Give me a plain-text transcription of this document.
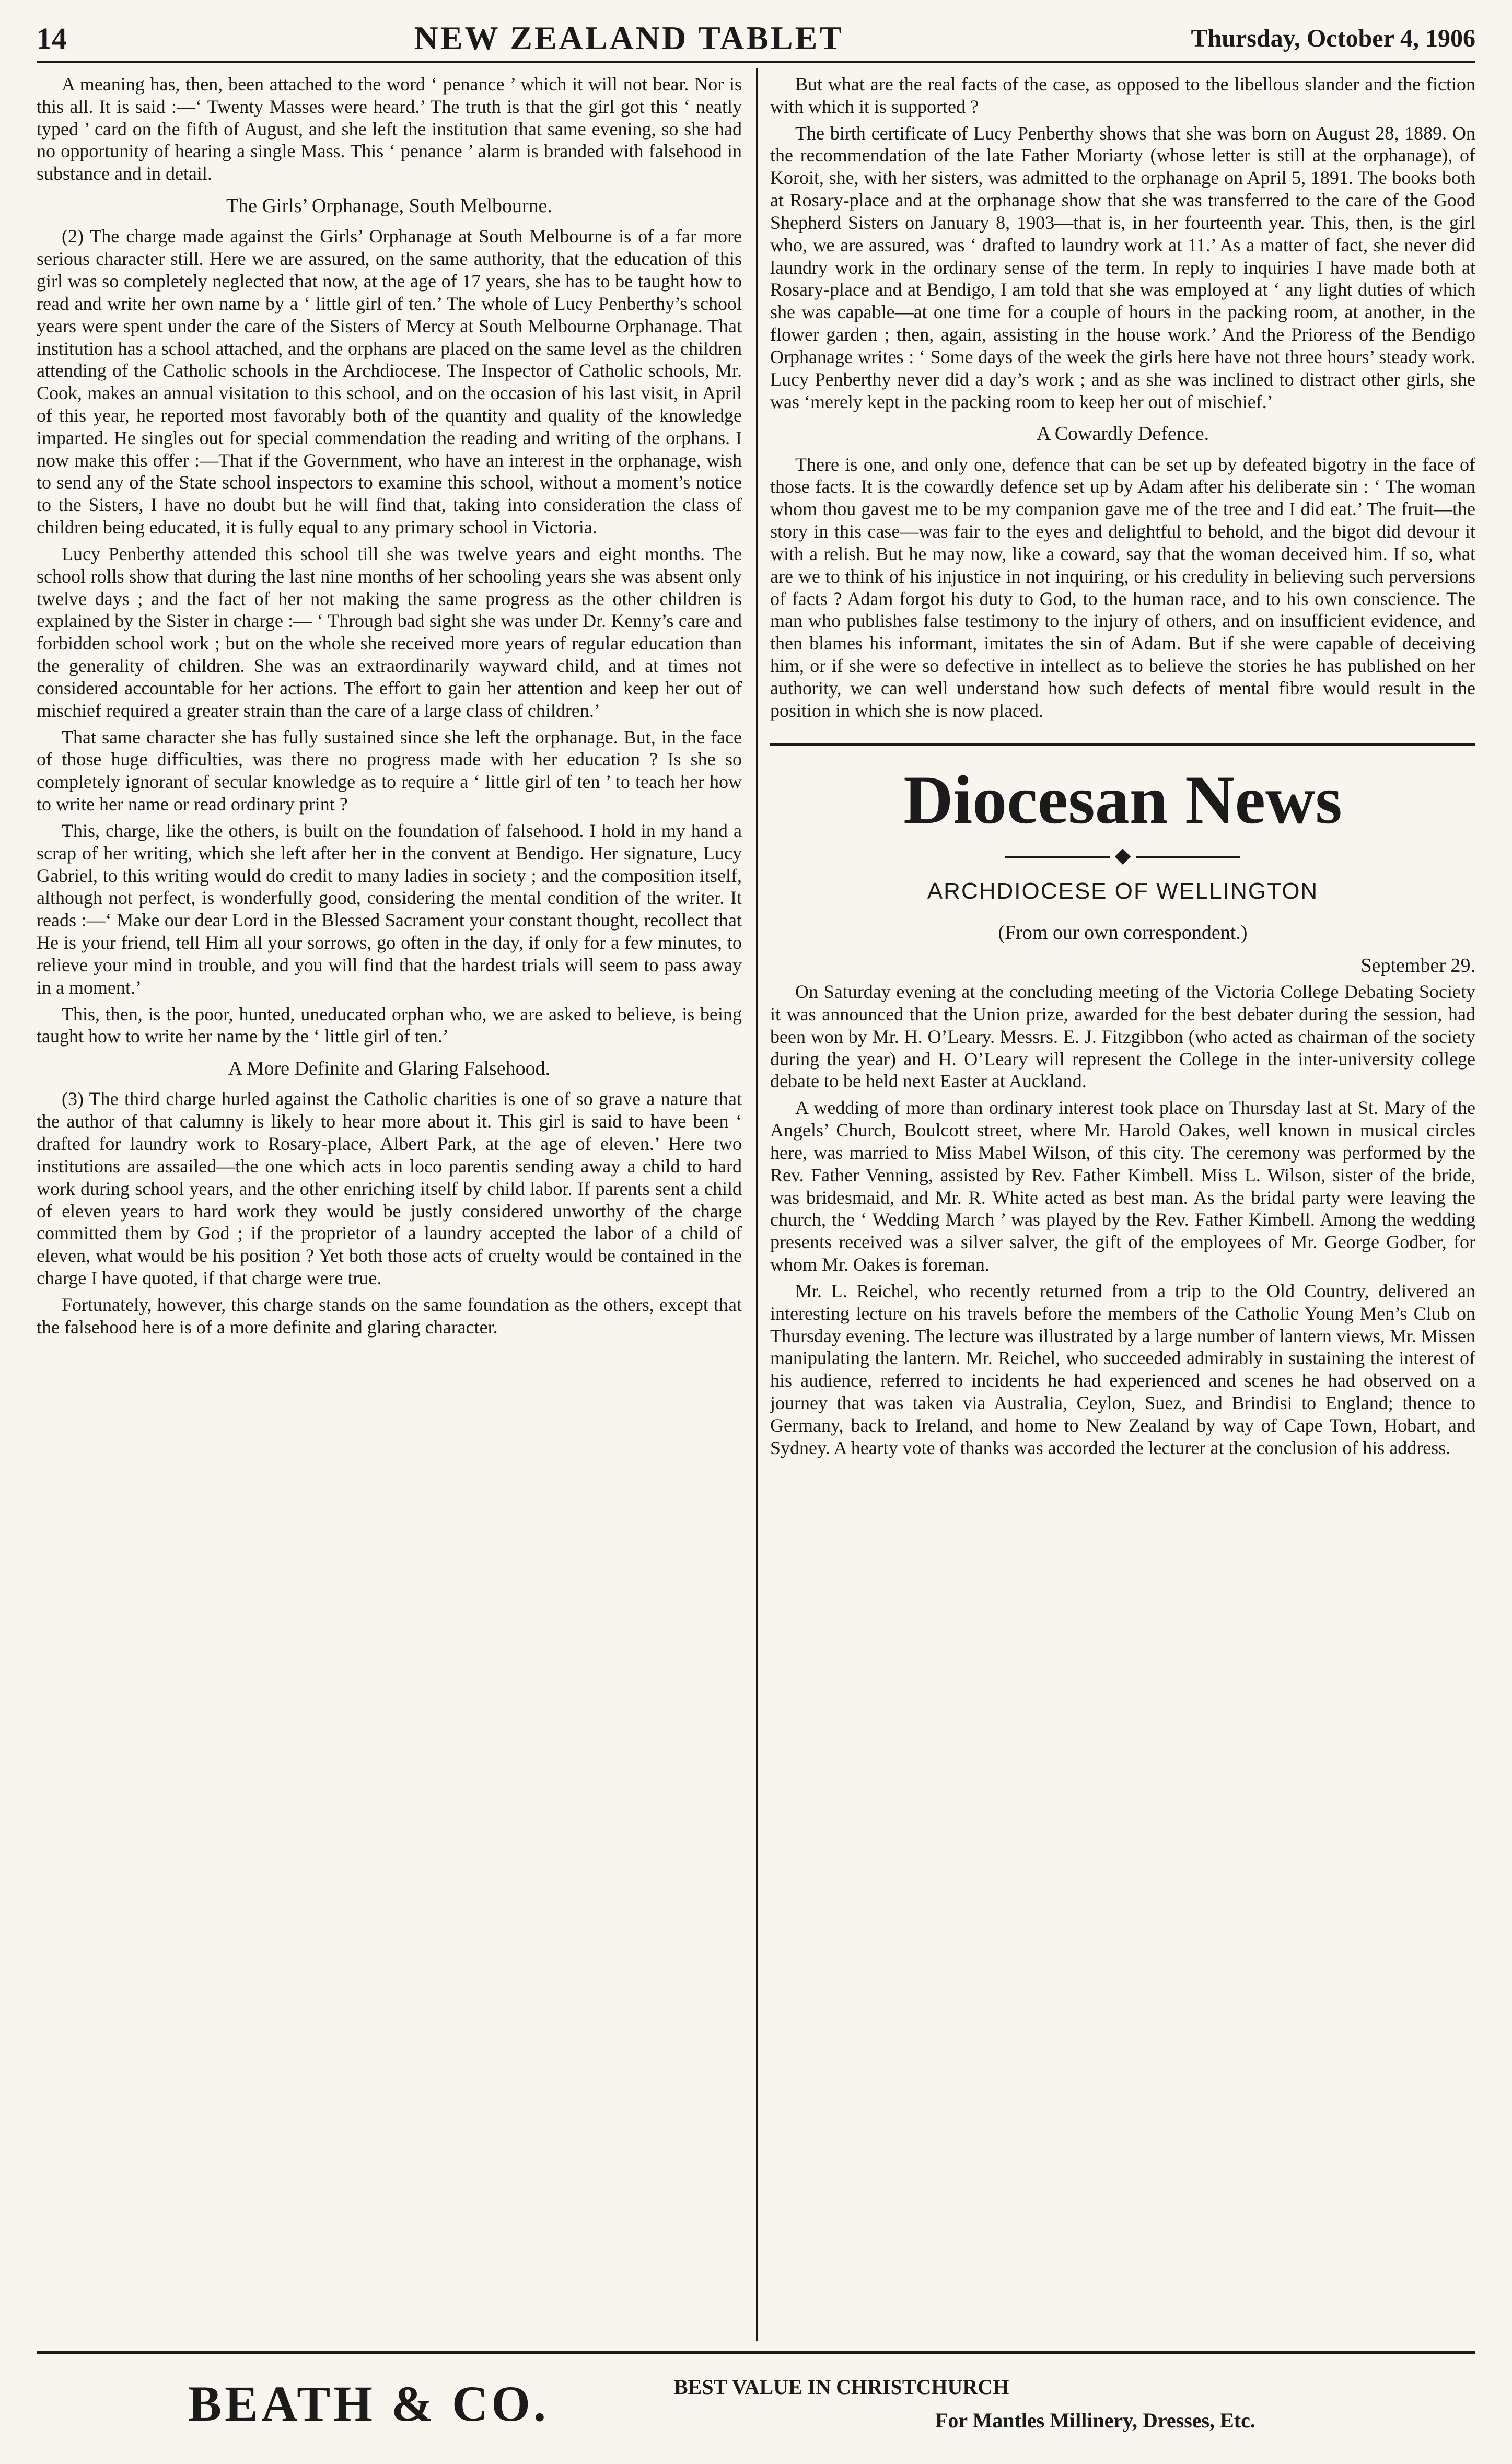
14	NEW ZEALAND TABLET	Thursday, October 4, 1906

A meaning has, then, been attached to the word ‘ penance ’ which it will not bear. Nor is this all. It is said :—‘ Twenty Masses were heard.’ The truth is that the girl got this ‘ neatly typed ’ card on the fifth of August, and she left the institution that same evening, so she had no opportunity of hearing a single Mass. This ‘ penance ’ alarm is branded with falsehood in substance and in detail.

The Girls’ Orphanage, South Melbourne.

(2) The charge made against the Girls’ Orphanage at South Melbourne is of a far more serious character still. Here we are assured, on the same authority, that the education of this girl was so completely neglected that now, at the age of 17 years, she has to be taught how to read and write her own name by a ‘ little girl of ten.’ The whole of Lucy Penberthy’s school years were spent under the care of the Sisters of Mercy at South Melbourne Orphanage. That institution has a school attached, and the orphans are placed on the same level as the children attending of the Catholic schools in the Archdiocese. The Inspector of Catholic schools, Mr. Cook, makes an annual visitation to this school, and on the occasion of his last visit, in April of this year, he reported most favorably both of the quantity and quality of the knowledge imparted. He singles out for special commendation the reading and writing of the orphans. I now make this offer :—That if the Government, who have an interest in the orphanage, wish to send any of the State school inspectors to examine this school, without a moment’s notice to the Sisters, I have no doubt but he will find that, taking into consideration the class of children being educated, it is fully equal to any primary school in Victoria.

Lucy Penberthy attended this school till she was twelve years and eight months. The school rolls show that during the last nine months of her schooling years she was absent only twelve days ; and the fact of her not making the same progress as the other children is explained by the Sister in charge :— ‘ Through bad sight she was under Dr. Kenny’s care and forbidden school work ; but on the whole she received more years of regular education than the generality of children. She was an extraordinarily wayward child, and at times not considered accountable for her actions. The effort to gain her attention and keep her out of mischief required a greater strain than the care of a large class of children.’

That same character she has fully sustained since she left the orphanage. But, in the face of those huge difficulties, was there no progress made with her education ? Is she so completely ignorant of secular knowledge as to require a ‘ little girl of ten ’ to teach her how to write her name or read ordinary print ?

This, charge, like the others, is built on the foundation of falsehood. I hold in my hand a scrap of her writing, which she left after her in the convent at Bendigo. Her signature, Lucy Gabriel, to this writing would do credit to many ladies in society ; and the composition itself, although not perfect, is wonderfully good, considering the mental condition of the writer. It reads :—‘ Make our dear Lord in the Blessed Sacrament your constant thought, recollect that He is your friend, tell Him all your sorrows, go often in the day, if only for a few minutes, to relieve your mind in trouble, and you will find that the hardest trials will seem to pass away in a moment.’

This, then, is the poor, hunted, uneducated orphan who, we are asked to believe, is being taught how to write her name by the ‘ little girl of ten.’

A More Definite and Glaring Falsehood.

(3) The third charge hurled against the Catholic charities is one of so grave a nature that the author of that calumny is likely to hear more about it. This girl is said to have been ‘ drafted for laundry work to Rosary-place, Albert Park, at the age of eleven.’ Here two institutions are assailed—the one which acts in loco parentis sending away a child to hard work during school years, and the other enriching itself by child labor. If parents sent a child of eleven years to hard work they would be justly considered unworthy of the charge committed them by God ; if the proprietor of a laundry accepted the labor of a child of eleven, what would be his position ? Yet both those acts of cruelty would be contained in the charge I have quoted, if that charge were true.

Fortunately, however, this charge stands on the same foundation as the others, except that the falsehood here is of a more definite and glaring character.

But what are the real facts of the case, as opposed to the libellous slander and the fiction with which it is supported ?

The birth certificate of Lucy Penberthy shows that she was born on August 28, 1889. On the recommendation of the late Father Moriarty (whose letter is still at the orphanage), of Koroit, she, with her sisters, was admitted to the orphanage on April 5, 1891. The books both at Rosary-place and at the orphanage show that she was transferred to the care of the Good Shepherd Sisters on January 8, 1903—that is, in her fourteenth year. This, then, is the girl who, we are assured, was ‘ drafted to laundry work at 11.’ As a matter of fact, she never did laundry work in the ordinary sense of the term. In reply to inquiries I have made both at Rosary-place and at Bendigo, I am told that she was employed at ‘ any light duties of which she was capable—at one time for a couple of hours in the packing room, at another, in the flower garden ; then, again, assisting in the house work.’ And the Prioress of the Bendigo Orphanage writes : ‘ Some days of the week the girls here have not three hours’ steady work. Lucy Penberthy never did a day’s work ; and as she was inclined to distract other girls, she was ‘merely kept in the packing room to keep her out of mischief.’

A Cowardly Defence.

There is one, and only one, defence that can be set up by defeated bigotry in the face of those facts. It is the cowardly defence set up by Adam after his deliberate sin : ‘ The woman whom thou gavest me to be my companion gave me of the tree and I did eat.’ The fruit—the story in this case—was fair to the eyes and delightful to behold, and the bigot did devour it with a relish. But he may now, like a coward, say that the woman deceived him. If so, what are we to think of his injustice in not inquiring, or his credulity in believing such perversions of facts ? Adam forgot his duty to God, to the human race, and to his own conscience. The man who publishes false testimony to the injury of others, and on insufficient evidence, and then blames his informant, imitates the sin of Adam. But if she were capable of deceiving him, or if she were so defective in intellect as to believe the stories he has published on her authority, we can well understand how such defects of mental fibre would result in the position in which she is now placed.

Diocesan News
◆
ARCHDIOCESE OF WELLINGTON
(From our own correspondent.)
September 29.

On Saturday evening at the concluding meeting of the Victoria College Debating Society it was announced that the Union prize, awarded for the best debater during the session, had been won by Mr. H. O’Leary. Messrs. E. J. Fitzgibbon (who acted as chairman of the society during the year) and H. O’Leary will represent the College in the inter-university college debate to be held next Easter at Auckland.

A wedding of more than ordinary interest took place on Thursday last at St. Mary of the Angels’ Church, Boulcott street, where Mr. Harold Oakes, well known in musical circles here, was married to Miss Mabel Wilson, of this city. The ceremony was performed by the Rev. Father Venning, assisted by Rev. Father Kimbell. Miss L. Wilson, sister of the bride, was bridesmaid, and Mr. R. White acted as best man. As the bridal party were leaving the church, the ‘ Wedding March ’ was played by the Rev. Father Kimbell. Among the wedding presents received was a silver salver, the gift of the employees of Mr. George Godber, for whom Mr. Oakes is foreman.

Mr. L. Reichel, who recently returned from a trip to the Old Country, delivered an interesting lecture on his travels before the members of the Catholic Young Men’s Club on Thursday evening. The lecture was illustrated by a large number of lantern views, Mr. Missen manipulating the lantern. Mr. Reichel, who succeeded admirably in sustaining the interest of his audience, referred to incidents he had experienced and scenes he had observed on a journey that was taken via Australia, Ceylon, Suez, and Brindisi to England; thence to Germany, back to Ireland, and home to New Zealand by way of Cape Town, Hobart, and Sydney. A hearty vote of thanks was accorded the lecturer at the conclusion of his address.

BEATH & CO.	BEST VALUE IN CHRISTCHURCH
For Mantles Millinery, Dresses, Etc.
